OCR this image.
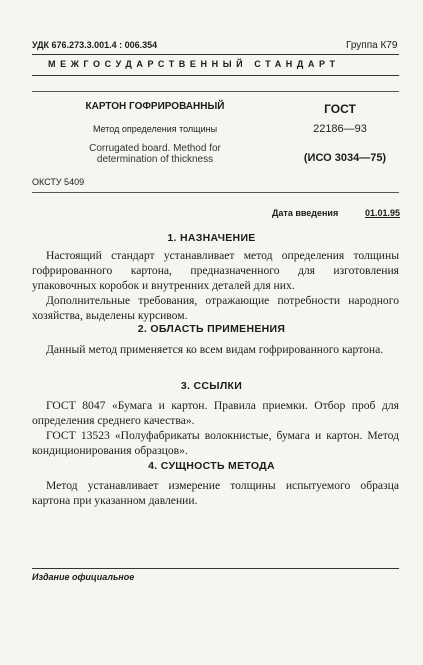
УДК 676.273.3.001.4 : 006.354	Группа К79
МЕЖГОСУДАРСТВЕННЫЙ СТАНДАРТ
КАРТОН ГОФРИРОВАННЫЙ
Метод определения толщины
Corrugated board. Method for
determination of thickness
ГОСТ
22186—93
(ИСО 3034—75)
ОКСТУ 5409
Дата введения	01.01.95
1. НАЗНАЧЕНИЕ
Настоящий стандарт устанавливает метод определения толщины гофрированного картона, предназначенного для изготовления упаковочных коробок и внутренних деталей для них.
Дополнительные требования, отражающие потребности народного хозяйства, выделены курсивом.
2. ОБЛАСТЬ ПРИМЕНЕНИЯ
Данный метод применяется ко всем видам гофрированного картона.
3. ССЫЛКИ
ГОСТ 8047 «Бумага и картон. Правила приемки. Отбор проб для определения среднего качества».
ГОСТ 13523 «Полуфабрикаты волокнистые, бумага и картон. Метод кондиционирования образцов».
4. СУЩНОСТЬ МЕТОДА
Метод устанавливает измерение толщины испытуемого образца картона при указанном давлении.
Издание официальное
